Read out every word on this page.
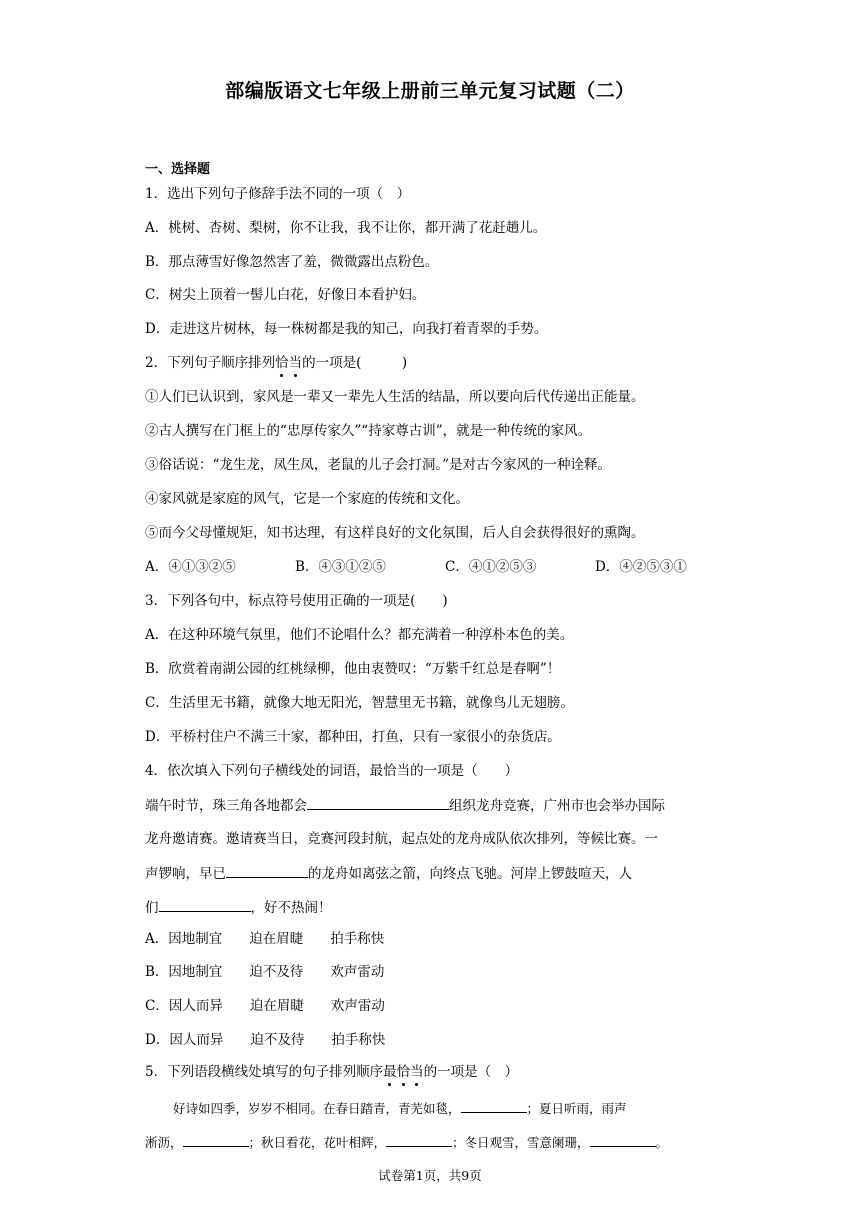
部编版语文七年级上册前三单元复习试题（二）
一、选择题
1．选出下列句子修辞手法不同的一项（　）
A．桃树、杏树、梨树，你不让我，我不让你，都开满了花赶趟儿。
B．那点薄雪好像忽然害了羞，微微露出点粉色。
C．树尖上顶着一髻儿白花，好像日本看护妇。
D．走进这片树林，每一株树都是我的知己，向我打着青翠的手势。
2．下列句子顺序排列恰当的一项是(　　　)
①人们已认识到，家风是一辈又一辈先人生活的结晶，所以要向后代传递出正能量。
②古人撰写在门框上的“忠厚传家久”“持家尊古训”，就是一种传统的家风。
③俗话说：“龙生龙，凤生凤，老鼠的儿子会打洞。”是对古今家风的一种诠释。
④家风就是家庭的风气，它是一个家庭的传统和文化。
⑤而今父母懂规矩，知书达理，有这样良好的文化氛围，后人自会获得很好的熏陶。
A．④①③②⑤	B．④③①②⑤	C．④①②⑤③	D．④②⑤③①
3．下列各句中，标点符号使用正确的一项是(　　)
A．在这种环境气氛里，他们不论唱什么？都充满着一种淳朴本色的美。
B．欣赏着南湖公园的红桃绿柳，他由衷赞叹：“万紫千红总是春啊”！
C．生活里无书籍，就像大地无阳光，智慧里无书籍，就像鸟儿无翅膀。
D．平桥村住户不满三十家，都种田，打鱼，只有一家很小的杂货店。
4．依次填入下列句子横线处的词语，最恰当的一项是（　　）
端午时节，珠三角各地都会	组织龙舟竞赛，广州市也会举办国际
龙舟邀请赛。邀请赛当日，竞赛河段封航，起点处的龙舟成队依次排列，等候比赛。一
声锣响，早已	的龙舟如离弦之箭，向终点飞驰。河岸上锣鼓喧天，人
们	，好不热闹！
A．因地制宜　　迫在眉睫　　拍手称快
B．因地制宜　　迫不及待　　欢声雷动
C．因人而异　　迫在眉睫　　欢声雷动
D．因人而异　　迫不及待　　拍手称快
5．下列语段横线处填写的句子排列顺序最恰当的一项是（　）
好诗如四季，岁岁不相同。在春日踏青，青芜如毯，	；夏日听雨，雨声
淅沥，	；秋日看花，花叶相辉，	；冬日观雪，雪意阑珊，	。
试卷第1页，共9页
